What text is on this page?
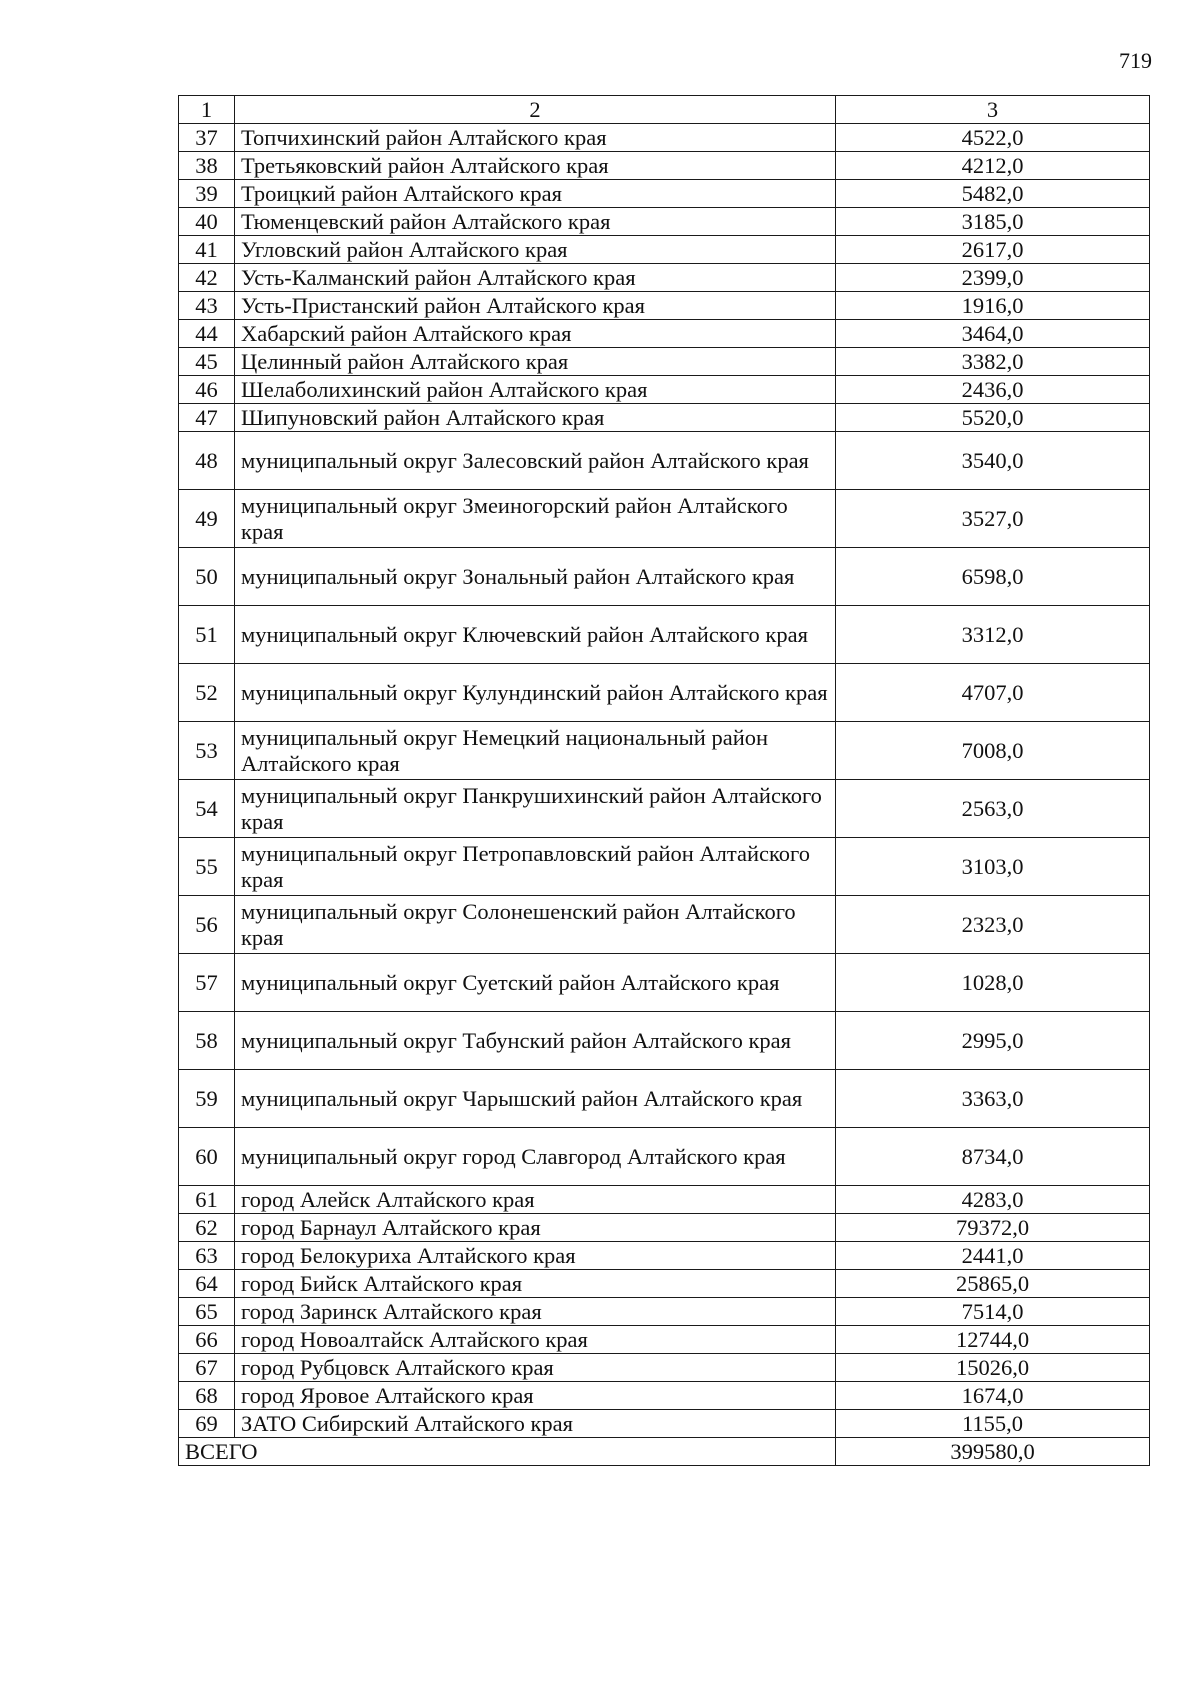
719
1	2	3
37	Топчихинский район Алтайского края	4522,0
38	Третьяковский район Алтайского края	4212,0
39	Троицкий район Алтайского края	5482,0
40	Тюменцевский район Алтайского края	3185,0
41	Угловский район Алтайского края	2617,0
42	Усть-Калманский район Алтайского края	2399,0
43	Усть-Пристанский район Алтайского края	1916,0
44	Хабарский район Алтайского края	3464,0
45	Целинный район Алтайского края	3382,0
46	Шелаболихинский район Алтайского края	2436,0
47	Шипуновский район Алтайского края	5520,0
48	муниципальный округ Залесовский район Алтайского края	3540,0
49	муниципальный округ Змеиногорский район Алтайского края	3527,0
50	муниципальный округ Зональный район Алтайского края	6598,0
51	муниципальный округ Ключевский район Алтайского края	3312,0
52	муниципальный округ Кулундинский район Алтайского края	4707,0
53	муниципальный округ Немецкий национальный район Алтайского края	7008,0
54	муниципальный округ Панкрушихинский район Алтайского края	2563,0
55	муниципальный округ Петропавловский район Алтайского края	3103,0
56	муниципальный округ Солонешенский район Алтайского края	2323,0
57	муниципальный округ Суетский район Алтайского края	1028,0
58	муниципальный округ Табунский район Алтайского края	2995,0
59	муниципальный округ Чарышский район Алтайского края	3363,0
60	муниципальный округ город Славгород Алтайского края	8734,0
61	город Алейск Алтайского края	4283,0
62	город Барнаул Алтайского края	79372,0
63	город Белокуриха Алтайского края	2441,0
64	город Бийск Алтайского края	25865,0
65	город Заринск Алтайского края	7514,0
66	город Новоалтайск Алтайского края	12744,0
67	город Рубцовск Алтайского края	15026,0
68	город Яровое Алтайского края	1674,0
69	ЗАТО Сибирский Алтайского края	1155,0
ВСЕГО		399580,0
